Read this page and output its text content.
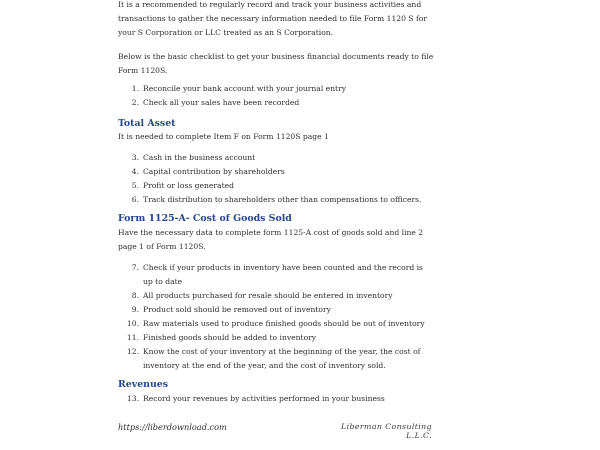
It is a recommended to regularly record and track your business activities and transactions to gather the necessary information needed to file Form 1120 S for your S Corporation or LLC treated as an S Corporation.

Below is the basic checklist to get your business financial documents ready to file Form 1120S.

1. Reconcile your bank account with your journal entry
2. Check all your sales have been recorded
Total Asset

It is needed to complete Item F on Form 1120S page 1

3. Cash in the business account
4. Capital contribution by shareholders
5. Profit or loss generated
6. Track distribution to shareholders other than compensations to officers.
Form 1125-A- Cost of Goods Sold

Have the necessary data to complete form 1125-A cost of goods sold and line 2 page 1 of Form 1120S.

7. Check if your products in inventory have been counted and the record is up to date
8. All products purchased for resale should be entered in inventory
9. Product sold should be removed out of inventory
10. Raw materials used to produce finished goods should be out of inventory
11. Finished goods should be added to inventory
12. Know the cost of your inventory at the beginning of the year, the cost of inventory at the end of the year, and the cost of inventory sold.
Revenues
13. Record your revenues by activities performed in your business
https://liberdownload.com	Liberman Consulting L.L.C.
